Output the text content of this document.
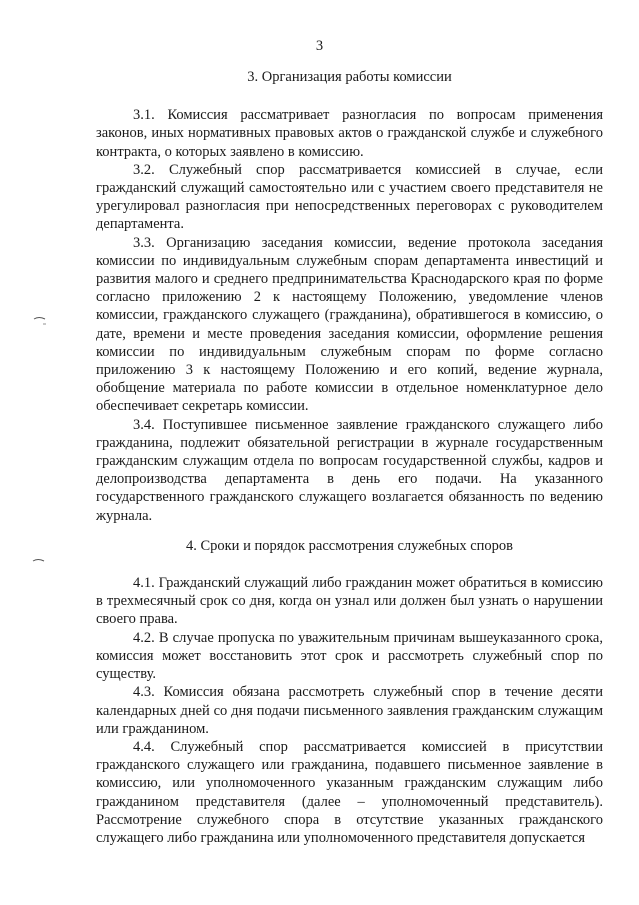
3
3. Организация работы комиссии

3.1. Комиссия рассматривает разногласия по вопросам применения законов, иных нормативных правовых актов о гражданской службе и служебного контракта, о которых заявлено в комиссию.

3.2. Служебный спор рассматривается комиссией в случае, если гражданский служащий самостоятельно или с участием своего представителя не урегулировал разногласия при непосредственных переговорах с руководителем департамента.

3.3. Организацию заседания комиссии, ведение протокола заседания комиссии по индивидуальным служебным спорам департамента инвестиций и развития малого и среднего предпринимательства Краснодарского края по форме согласно приложению 2 к настоящему Положению, уведомление членов комиссии, гражданского служащего (гражданина), обратившегося в комиссию, о дате, времени и месте проведения заседания комиссии, оформление решения комиссии по индивидуальным служебным спорам по форме согласно приложению 3 к настоящему Положению и его копий, ведение журнала, обобщение материала по работе комиссии в отдельное номенклатурное дело обеспечивает секретарь комиссии.

3.4. Поступившее письменное заявление гражданского служащего либо гражданина, подлежит обязательной регистрации в журнале государственным гражданским служащим отдела по вопросам государственной службы, кадров и делопроизводства департамента в день его подачи. На указанного государственного гражданского служащего возлагается обязанность по ведению журнала.

4. Сроки и порядок рассмотрения служебных споров

4.1. Гражданский служащий либо гражданин может обратиться в комиссию в трехмесячный срок со дня, когда он узнал или должен был узнать о нарушении своего права.

4.2. В случае пропуска по уважительным причинам вышеуказанного срока, комиссия может восстановить этот срок и рассмотреть служебный спор по существу.

4.3. Комиссия обязана рассмотреть служебный спор в течение десяти календарных дней со дня подачи письменного заявления гражданским служащим или гражданином.

4.4. Служебный спор рассматривается комиссией в присутствии гражданского служащего или гражданина, подавшего письменное заявление в комиссию, или уполномоченного указанным гражданским служащим либо гражданином представителя (далее – уполномоченный представитель). Рассмотрение служебного спора в отсутствие указанных гражданского служащего либо гражданина или уполномоченного представителя допускается
